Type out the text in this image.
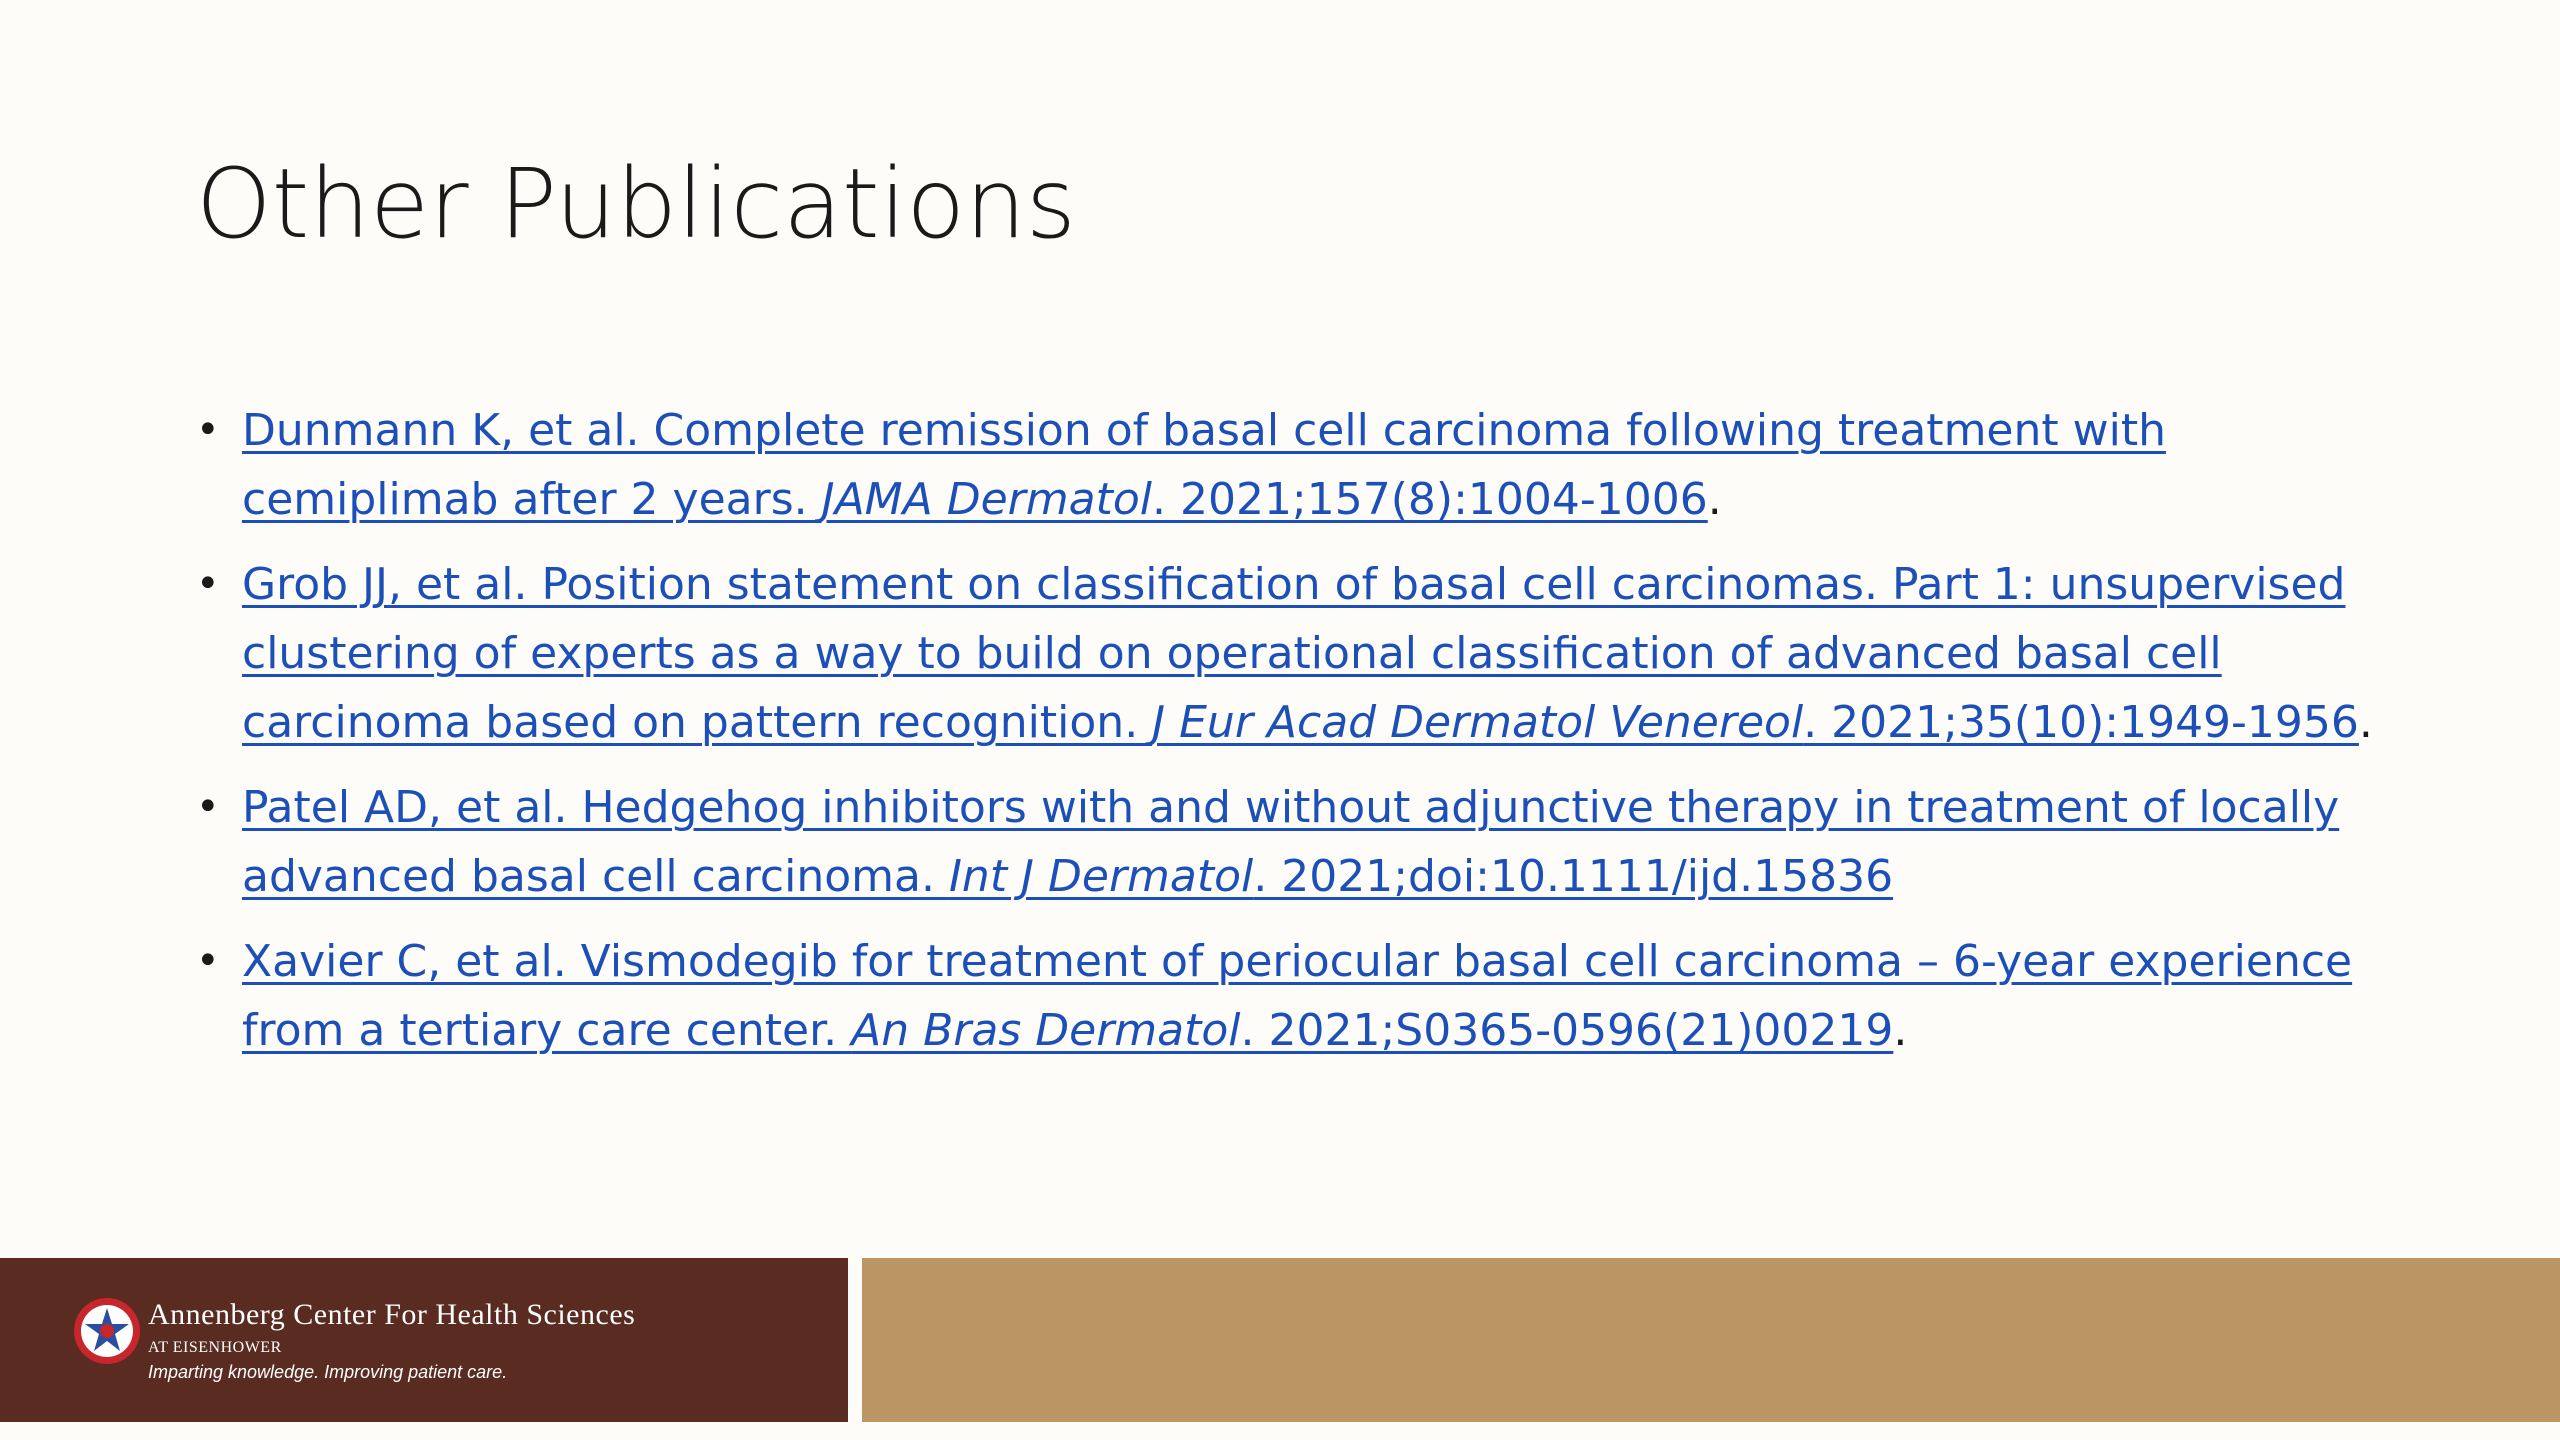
Other Publications
• Dunmann K, et al. Complete remission of basal cell carcinoma following treatment with cemiplimab after 2 years. JAMA Dermatol. 2021;157(8):1004-1006.
• Grob JJ, et al. Position statement on classification of basal cell carcinomas. Part 1: unsupervised clustering of experts as a way to build on operational classification of advanced basal cell carcinoma based on pattern recognition. J Eur Acad Dermatol Venereol. 2021;35(10):1949-1956.
• Patel AD, et al. Hedgehog inhibitors with and without adjunctive therapy in treatment of locally advanced basal cell carcinoma. Int J Dermatol. 2021;doi:10.1111/ijd.15836
• Xavier C, et al. Vismodegib for treatment of periocular basal cell carcinoma – 6-year experience from a tertiary care center. An Bras Dermatol. 2021;S0365-0596(21)00219.
Annenberg Center For Health Sciences
AT EISENHOWER
Imparting knowledge. Improving patient care.
